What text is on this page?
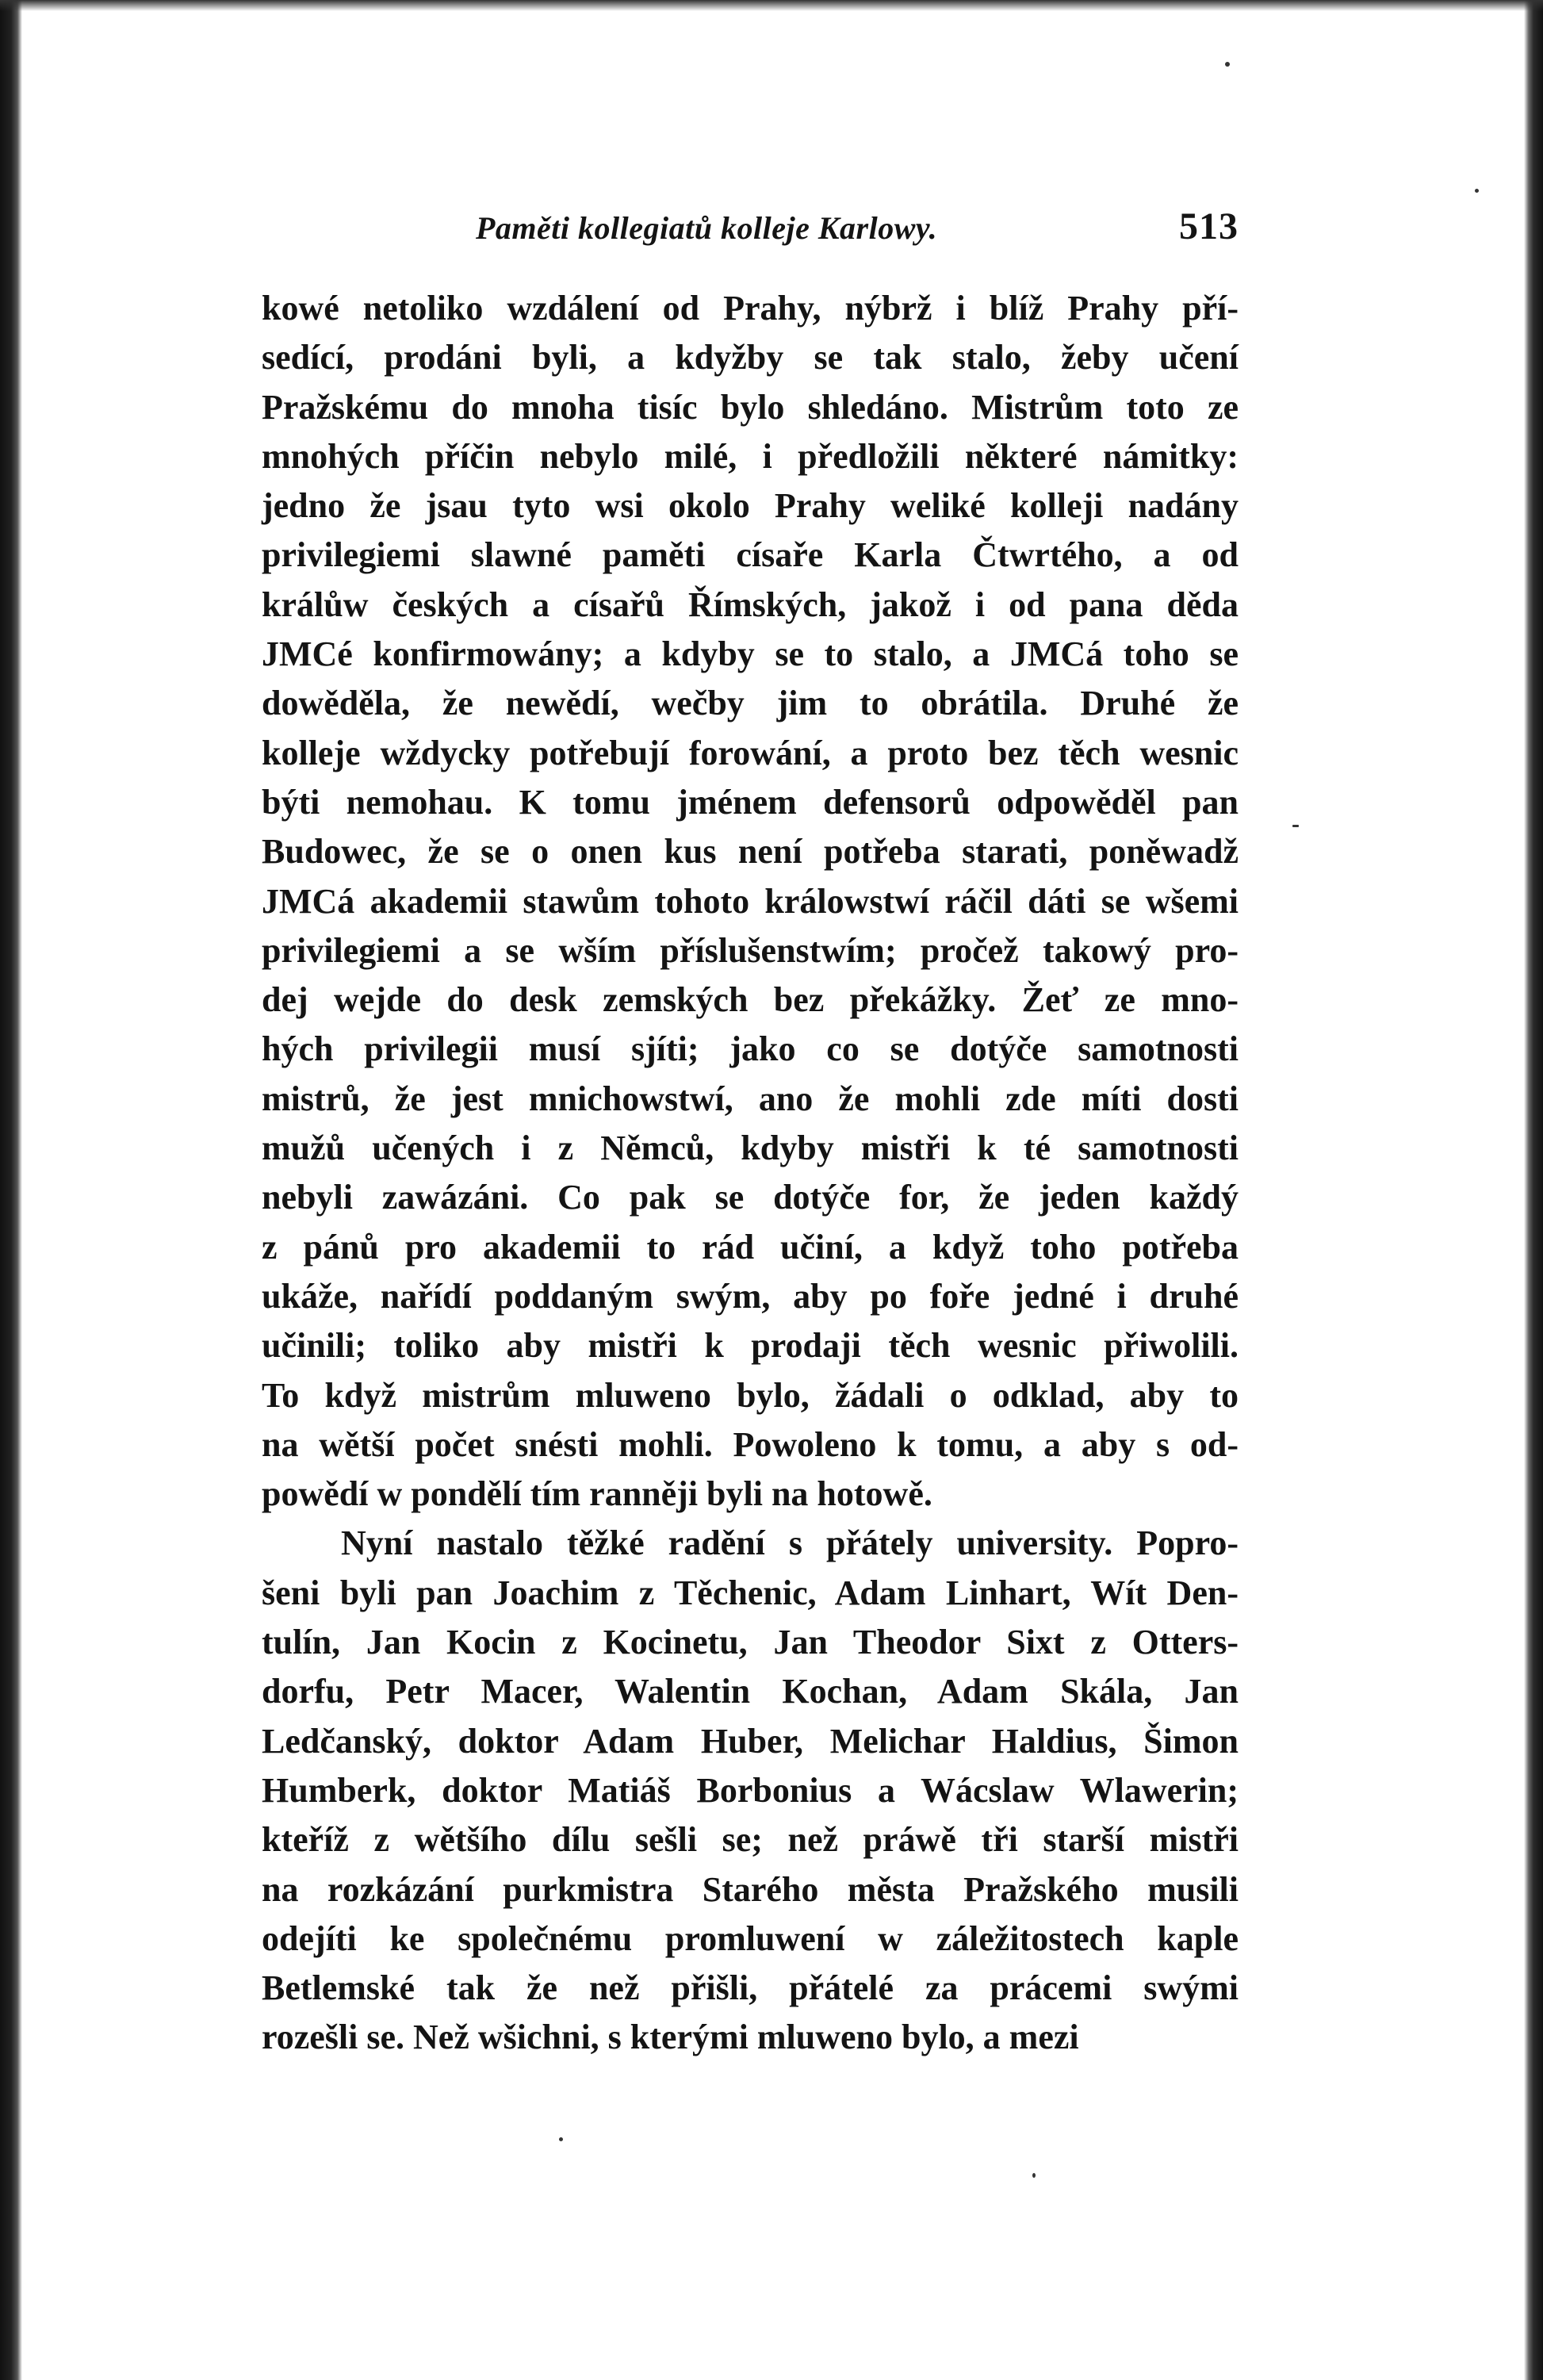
Paměti kollegiatů kolleje Karlowy.	513
kowé netoliko wzdálení od Prahy, nýbrž i blíž Prahy pří-
sedící, prodáni byli, a kdyžby se tak stalo, žeby učení
Pražskému do mnoha tisíc bylo shledáno. Mistrům toto ze
mnohých příčin nebylo milé, i předložili některé námitky:
jedno že jsau tyto wsi okolo Prahy weliké kolleji nadány
privilegiemi slawné paměti císaře Karla Čtwrtého, a od
králůw českých a císařů Římských, jakož i od pana děda
JMCé konfirmowány; a kdyby se to stalo, a JMCá toho se
dowěděla, že newědí, wečby jim to obrátila. Druhé že
kolleje wždycky potřebují forowání, a proto bez těch wesnic
býti nemohau. K tomu jménem defensorů odpowěděl pan
Budowec, že se o onen kus není potřeba starati, poněwadž
JMCá akademii stawům tohoto králowstwí ráčil dáti se wšemi
privilegiemi a se wším příslušenstwím; pročež takowý pro-
dej wejde do desk zemských bez překážky. Žeť ze mno-
hých privilegii musí sjíti; jako co se dotýče samotnosti
mistrů, že jest mnichowstwí, ano že mohli zde míti dosti
mužů učených i z Němců, kdyby mistři k té samotnosti
nebyli zawázáni. Co pak se dotýče for, že jeden každý
z pánů pro akademii to rád učiní, a když toho potřeba
ukáže, nařídí poddaným swým, aby po foře jedné i druhé
učinili; toliko aby mistři k prodaji těch wesnic přiwolili.
To když mistrům mluweno bylo, žádali o odklad, aby to
na wětší počet snésti mohli. Powoleno k tomu, a aby s od-
powědí w pondělí tím ranněji byli na hotowě.
Nyní nastalo těžké radění s přátely university. Popro-
šeni byli pan Joachim z Těchenic, Adam Linhart, Wít Den-
tulín, Jan Kocin z Kocinetu, Jan Theodor Sixt z Otters-
dorfu, Petr Macer, Walentin Kochan, Adam Skála, Jan
Ledčanský, doktor Adam Huber, Melichar Haldius, Šimon
Humberk, doktor Matiáš Borbonius a Wácslaw Wlawerin;
kteříž z wětšího dílu sešli se; než práwě tři starší mistři
na rozkázání purkmistra Starého města Pražského musili
odejíti ke společnému promluwení w záležitostech kaple
Betlemské tak že než přišli, přátelé za prácemi swými
rozešli se. Než wšichni, s kterými mluweno bylo, a mezi
